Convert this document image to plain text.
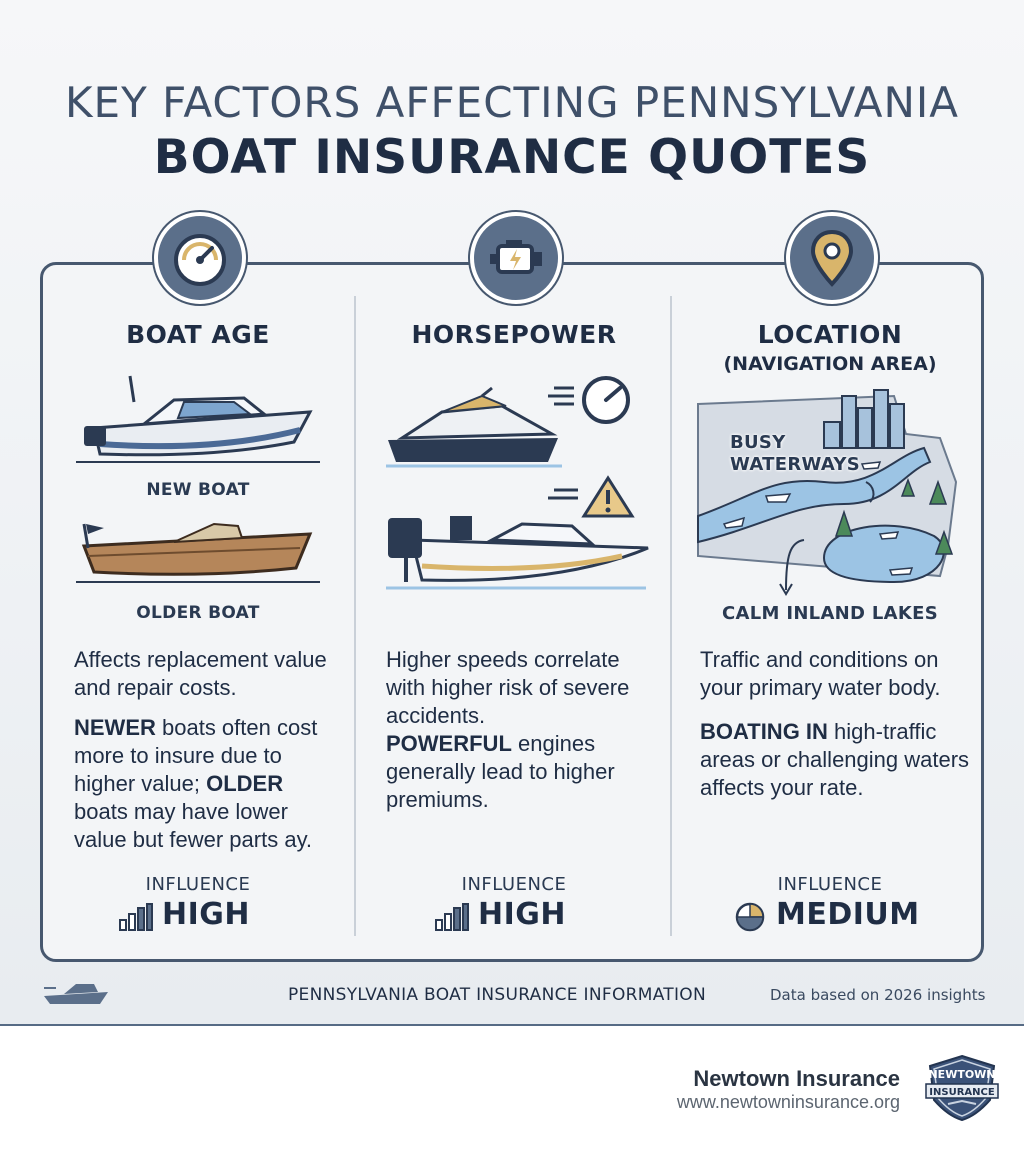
KEY FACTORS AFFECTING PENNSYLVANIA
BOAT INSURANCE QUOTES
BOAT AGE
NEW BOAT
OLDER BOAT
Affects replacement value and repair costs.
NEWER boats often cost more to insure due to higher value; OLDER boats may have lower value but fewer parts ay.
INFLUENCE
HIGH
HORSEPOWER
Higher speeds correlate with higher risk of severe accidents.
POWERFUL engines generally lead to higher premiums.
INFLUENCE
HIGH
LOCATION
(NAVIGATION AREA)
BUSY WATERWAYS
CALM INLAND LAKES
Traffic and conditions on your primary water body.
BOATING IN high-traffic areas or challenging waters affects your rate.
INFLUENCE
MEDIUM
PENNSYLVANIA BOAT INSURANCE INFORMATION	Data based on 2026 insights
Newtown Insurance
www.newtowninsurance.org
NEWTOWN
INSURANCE
